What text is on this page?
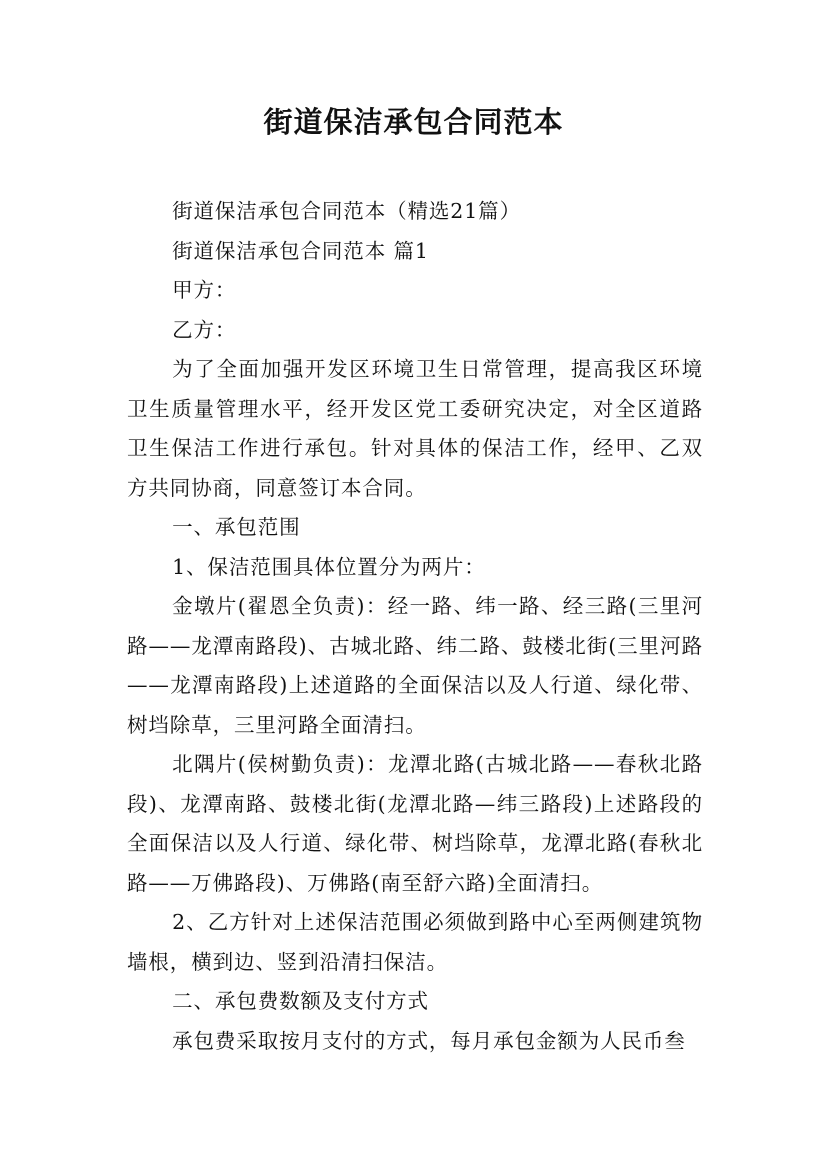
街道保洁承包合同范本

街道保洁承包合同范本（精选21篇）

街道保洁承包合同范本 篇1

甲方：

乙方：

为了全面加强开发区环境卫生日常管理，提高我区环境卫生质量管理水平，经开发区党工委研究决定，对全区道路卫生保洁工作进行承包。针对具体的保洁工作，经甲、乙双方共同协商，同意签订本合同。

一、承包范围

1、保洁范围具体位置分为两片：

金墩片(翟恩全负责)：经一路、纬一路、经三路(三里河路——龙潭南路段)、古城北路、纬二路、鼓楼北街(三里河路——龙潭南路段)上述道路的全面保洁以及人行道、绿化带、树垱除草，三里河路全面清扫。

北隅片(侯树勤负责)：龙潭北路(古城北路——春秋北路段)、龙潭南路、鼓楼北街(龙潭北路—纬三路段)上述路段的全面保洁以及人行道、绿化带、树垱除草，龙潭北路(春秋北路——万佛路段)、万佛路(南至舒六路)全面清扫。

2、乙方针对上述保洁范围必须做到路中心至两侧建筑物墙根，横到边、竖到沿清扫保洁。

二、承包费数额及支付方式

承包费采取按月支付的方式，每月承包金额为人民币叁
